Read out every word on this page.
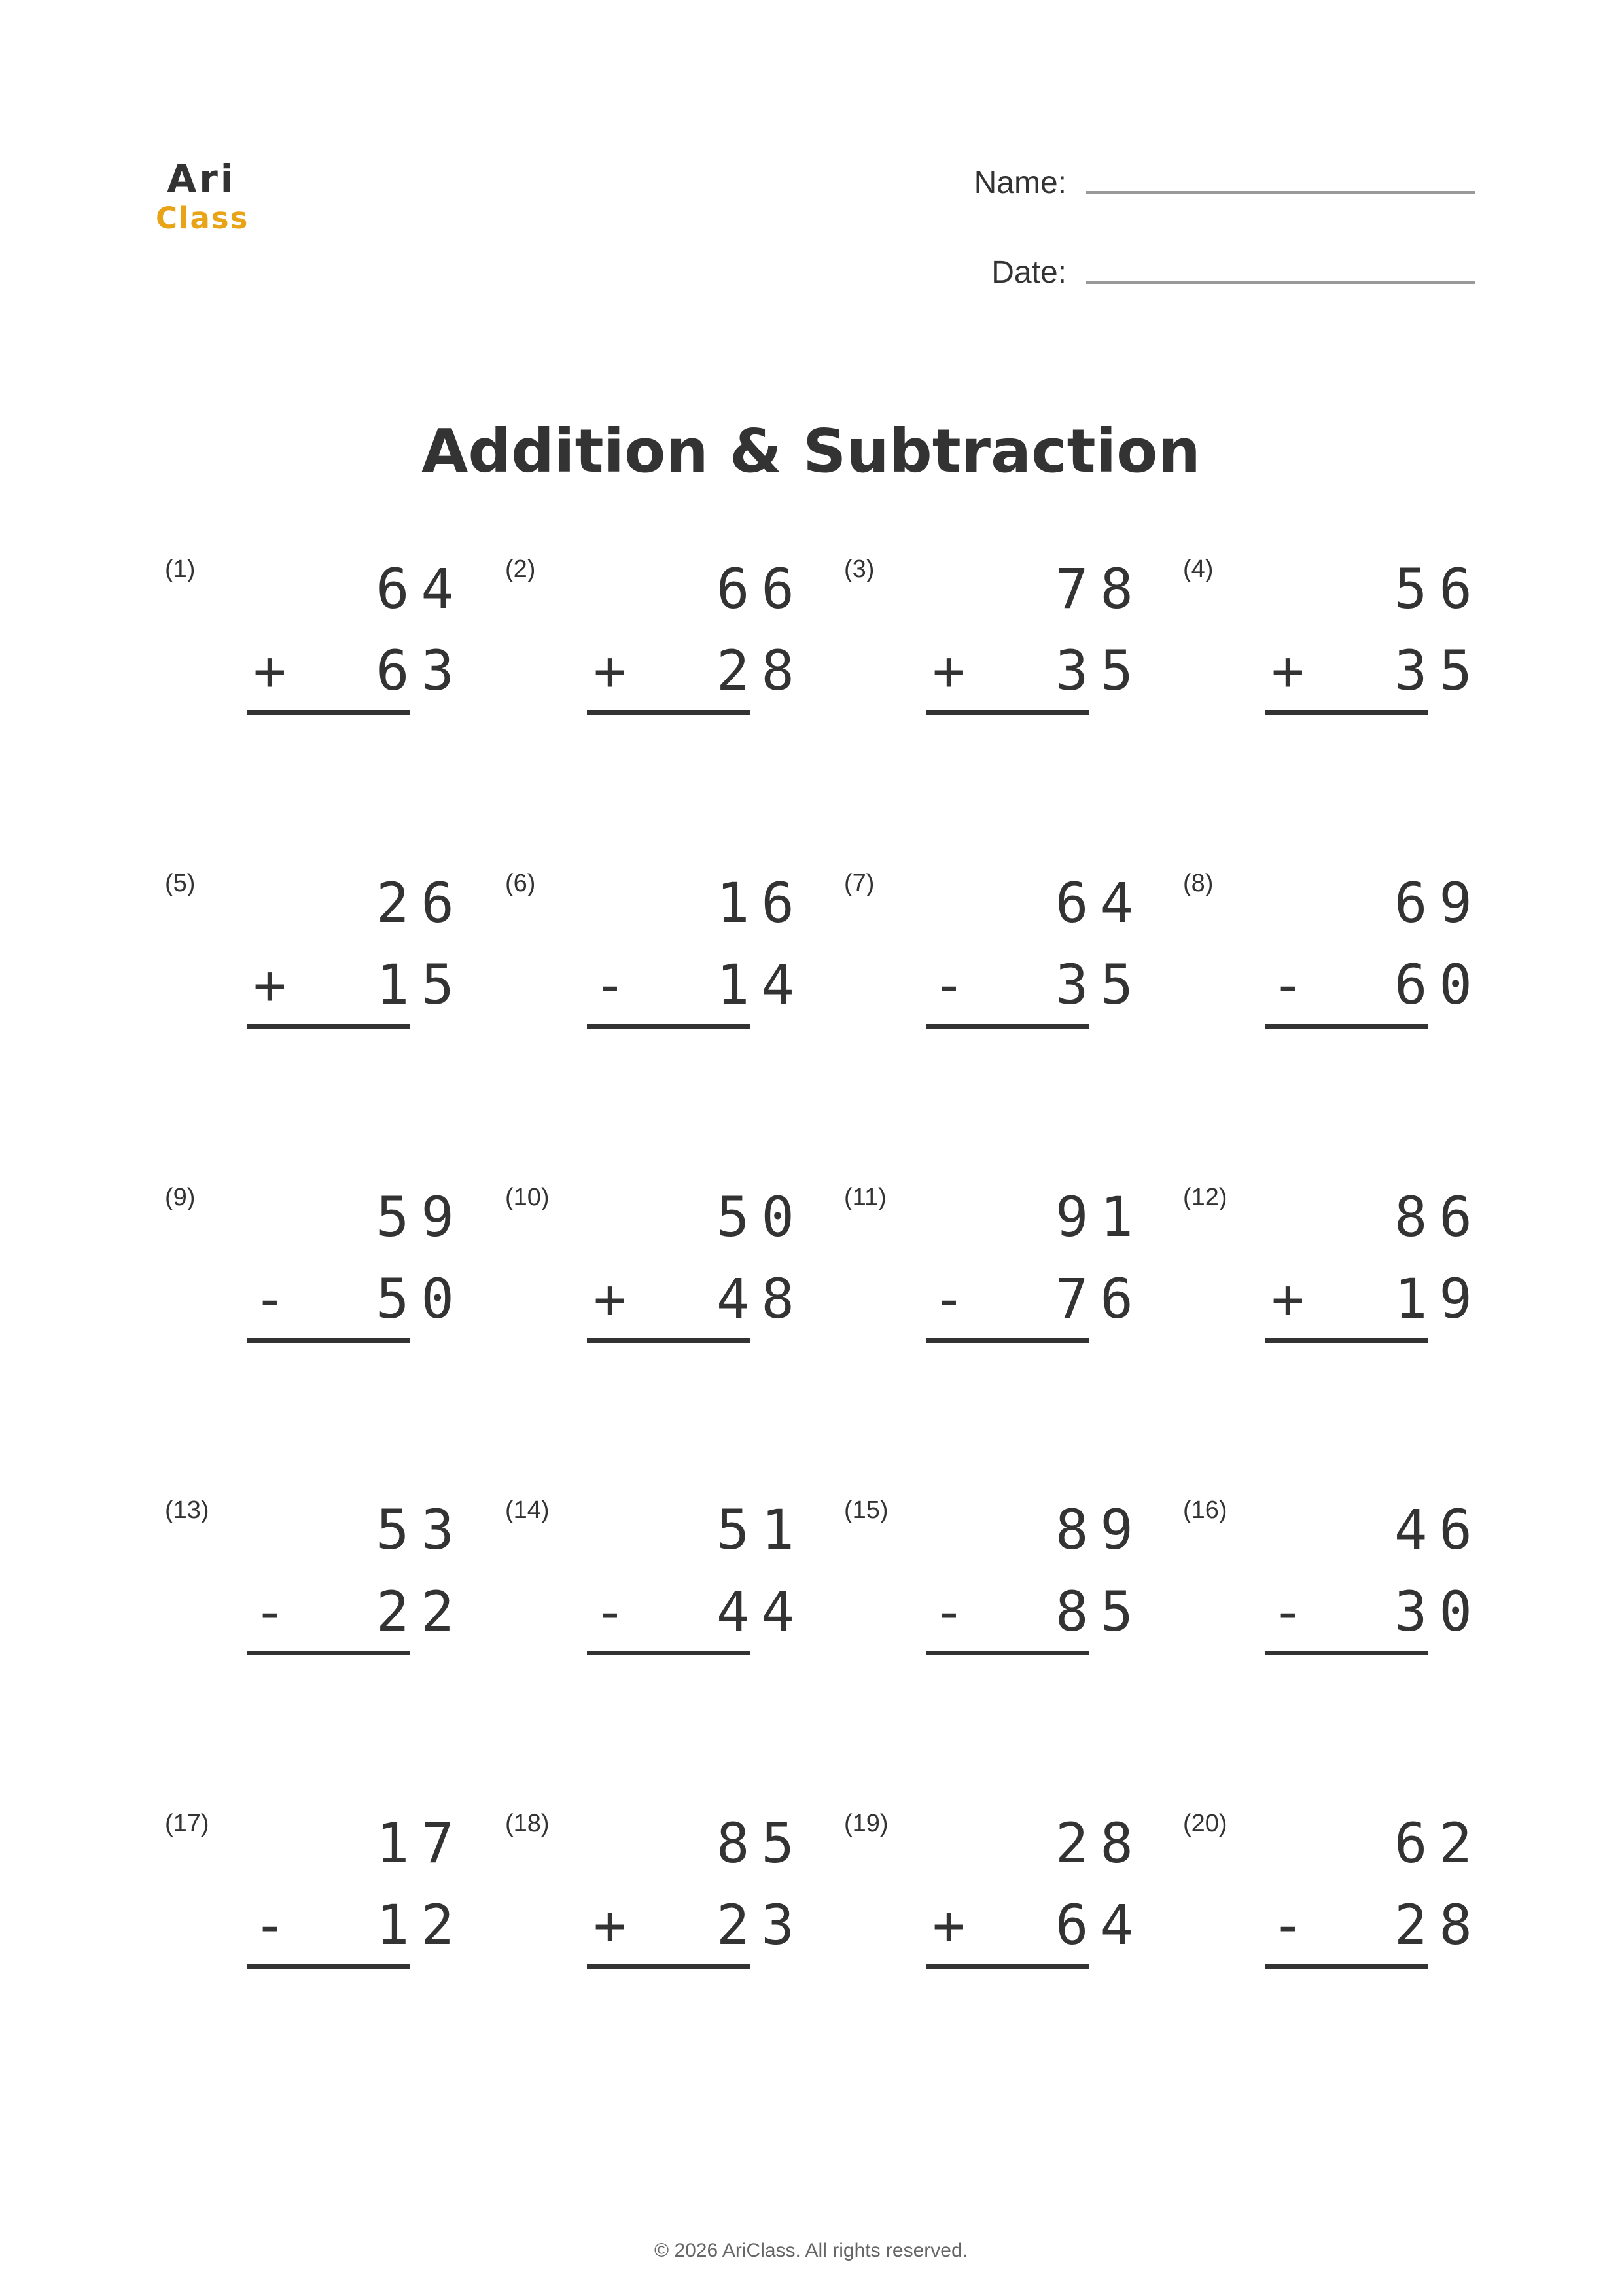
Ari
Class
Name:
Date:
Addition & Subtraction
(1)	64
+ 63
(2)	66
+ 28
(3)	78
+ 35
(4)	56
+ 35
(5)	26
+ 15
(6)	16
- 14
(7)	64
- 35
(8)	69
- 60
(9)	59
- 50
(10)	50
+ 48
(11)	91
- 76
(12)	86
+ 19
(13)	53
- 22
(14)	51
- 44
(15)	89
- 85
(16)	46
- 30
(17)	17
- 12
(18)	85
+ 23
(19)	28
+ 64
(20)	62
- 28
© 2026 AriClass. All rights reserved.
